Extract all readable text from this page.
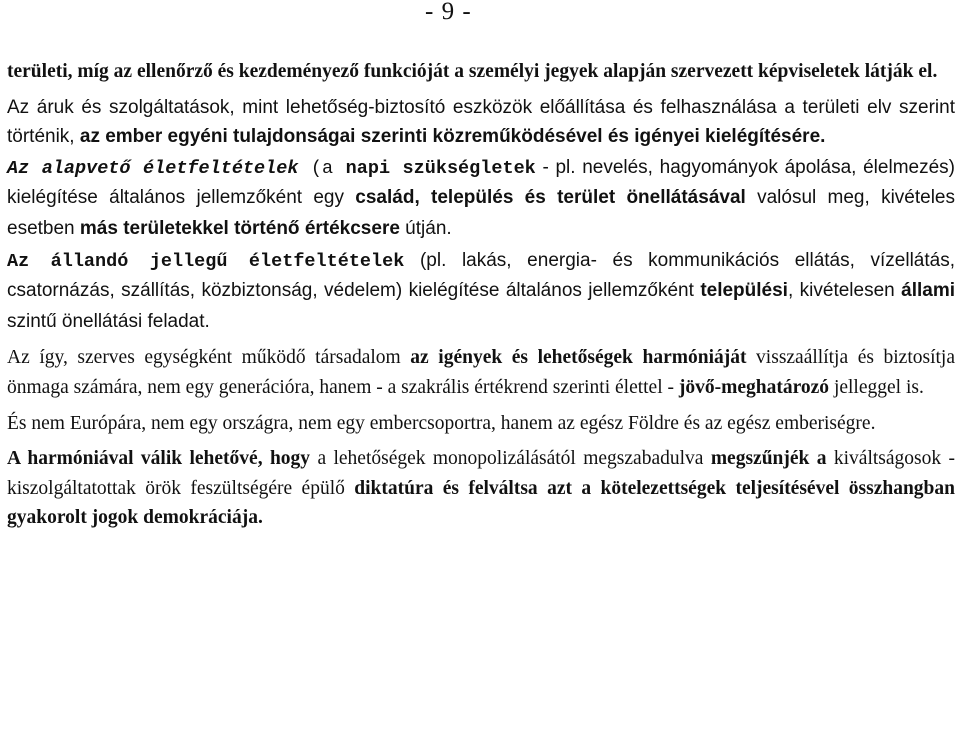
- 9 -

területi, míg az ellenőrző és kezdeményező funkcióját a személyi jegyek alapján szervezett képviseletek látják el.

Az áruk és szolgáltatások, mint lehetőség-biztosító eszközök előállítása és felhasználása a területi elv szerint történik, az ember egyéni tulajdonságai szerinti közreműködésével és igényei kielégítésére.

Az alapvető életfeltételek (a napi szükségletek - pl. nevelés, hagyományok ápolása, élelmezés) kielégítése általános jellemzőként egy család, település és terület önellátásával valósul meg, kivételes esetben más területekkel történő értékcsere útján.

Az állandó jellegű életfeltételek (pl. lakás, energia- és kommunikációs ellátás, vízellátás, csatornázás, szállítás, közbiztonság, védelem) kielégítése általános jellemzőként települési, kivételesen állami szintű önellátási feladat.

Az így, szerves egységként működő társadalom az igények és lehetőségek harmóniáját visszaállítja és biztosítja önmaga számára, nem egy generációra, hanem - a szakrális értékrend szerinti élettel - jövő-meghatározó jelleggel is.

És nem Európára, nem egy országra, nem egy embercsoportra, hanem az egész Földre és az egész emberiségre.

A harmóniával válik lehetővé, hogy a lehetőségek monopolizálásától megszabadulva megszűnjék a kiváltságosok - kiszolgáltatottak örök feszültségére épülő diktatúra és felváltsa azt a kötelezettségek teljesítésével összhangban gyakorolt jogok demokráciája.
